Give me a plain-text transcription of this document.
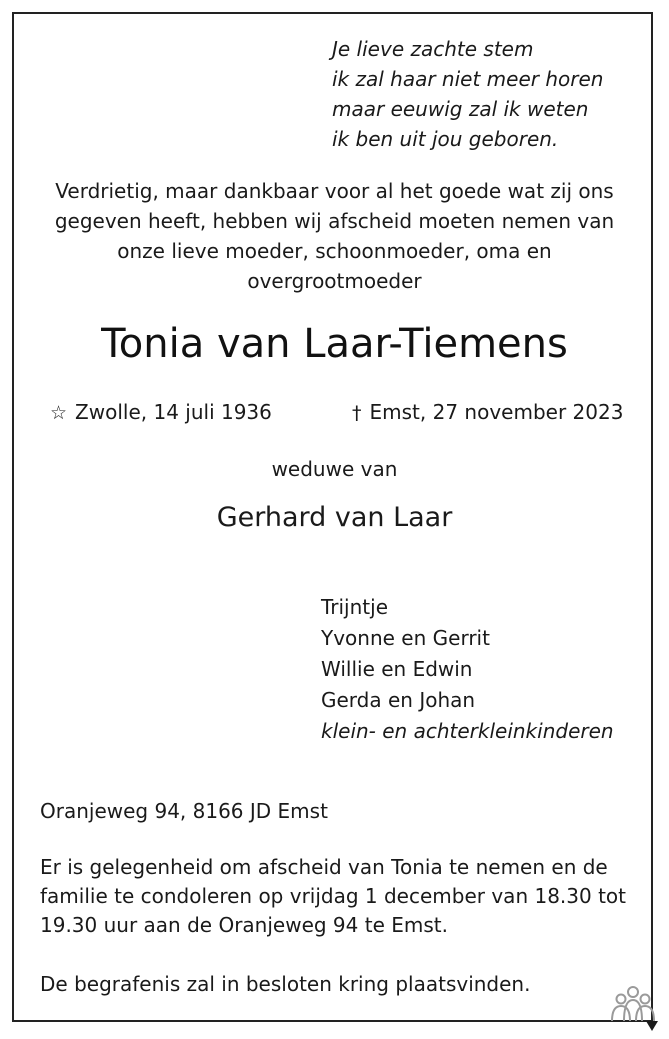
Je lieve zachte stem
ik zal haar niet meer horen
maar eeuwig zal ik weten
ik ben uit jou geboren.
Verdrietig, maar dankbaar voor al het goede wat zij ons
gegeven heeft, hebben wij afscheid moeten nemen van
onze lieve moeder, schoonmoeder, oma en
overgrootmoeder
Tonia van Laar-Tiemens
☆ Zwolle, 14 juli 1936	† Emst, 27 november 2023
weduwe van
Gerhard van Laar
Trijntje
Yvonne en Gerrit
Willie en Edwin
Gerda en Johan
klein- en achterkleinkinderen
Oranjeweg 94, 8166 JD Emst
Er is gelegenheid om afscheid van Tonia te nemen en de
familie te condoleren op vrijdag 1 december van 18.30 tot
19.30 uur aan de Oranjeweg 94 te Emst.
De begrafenis zal in besloten kring plaatsvinden.
